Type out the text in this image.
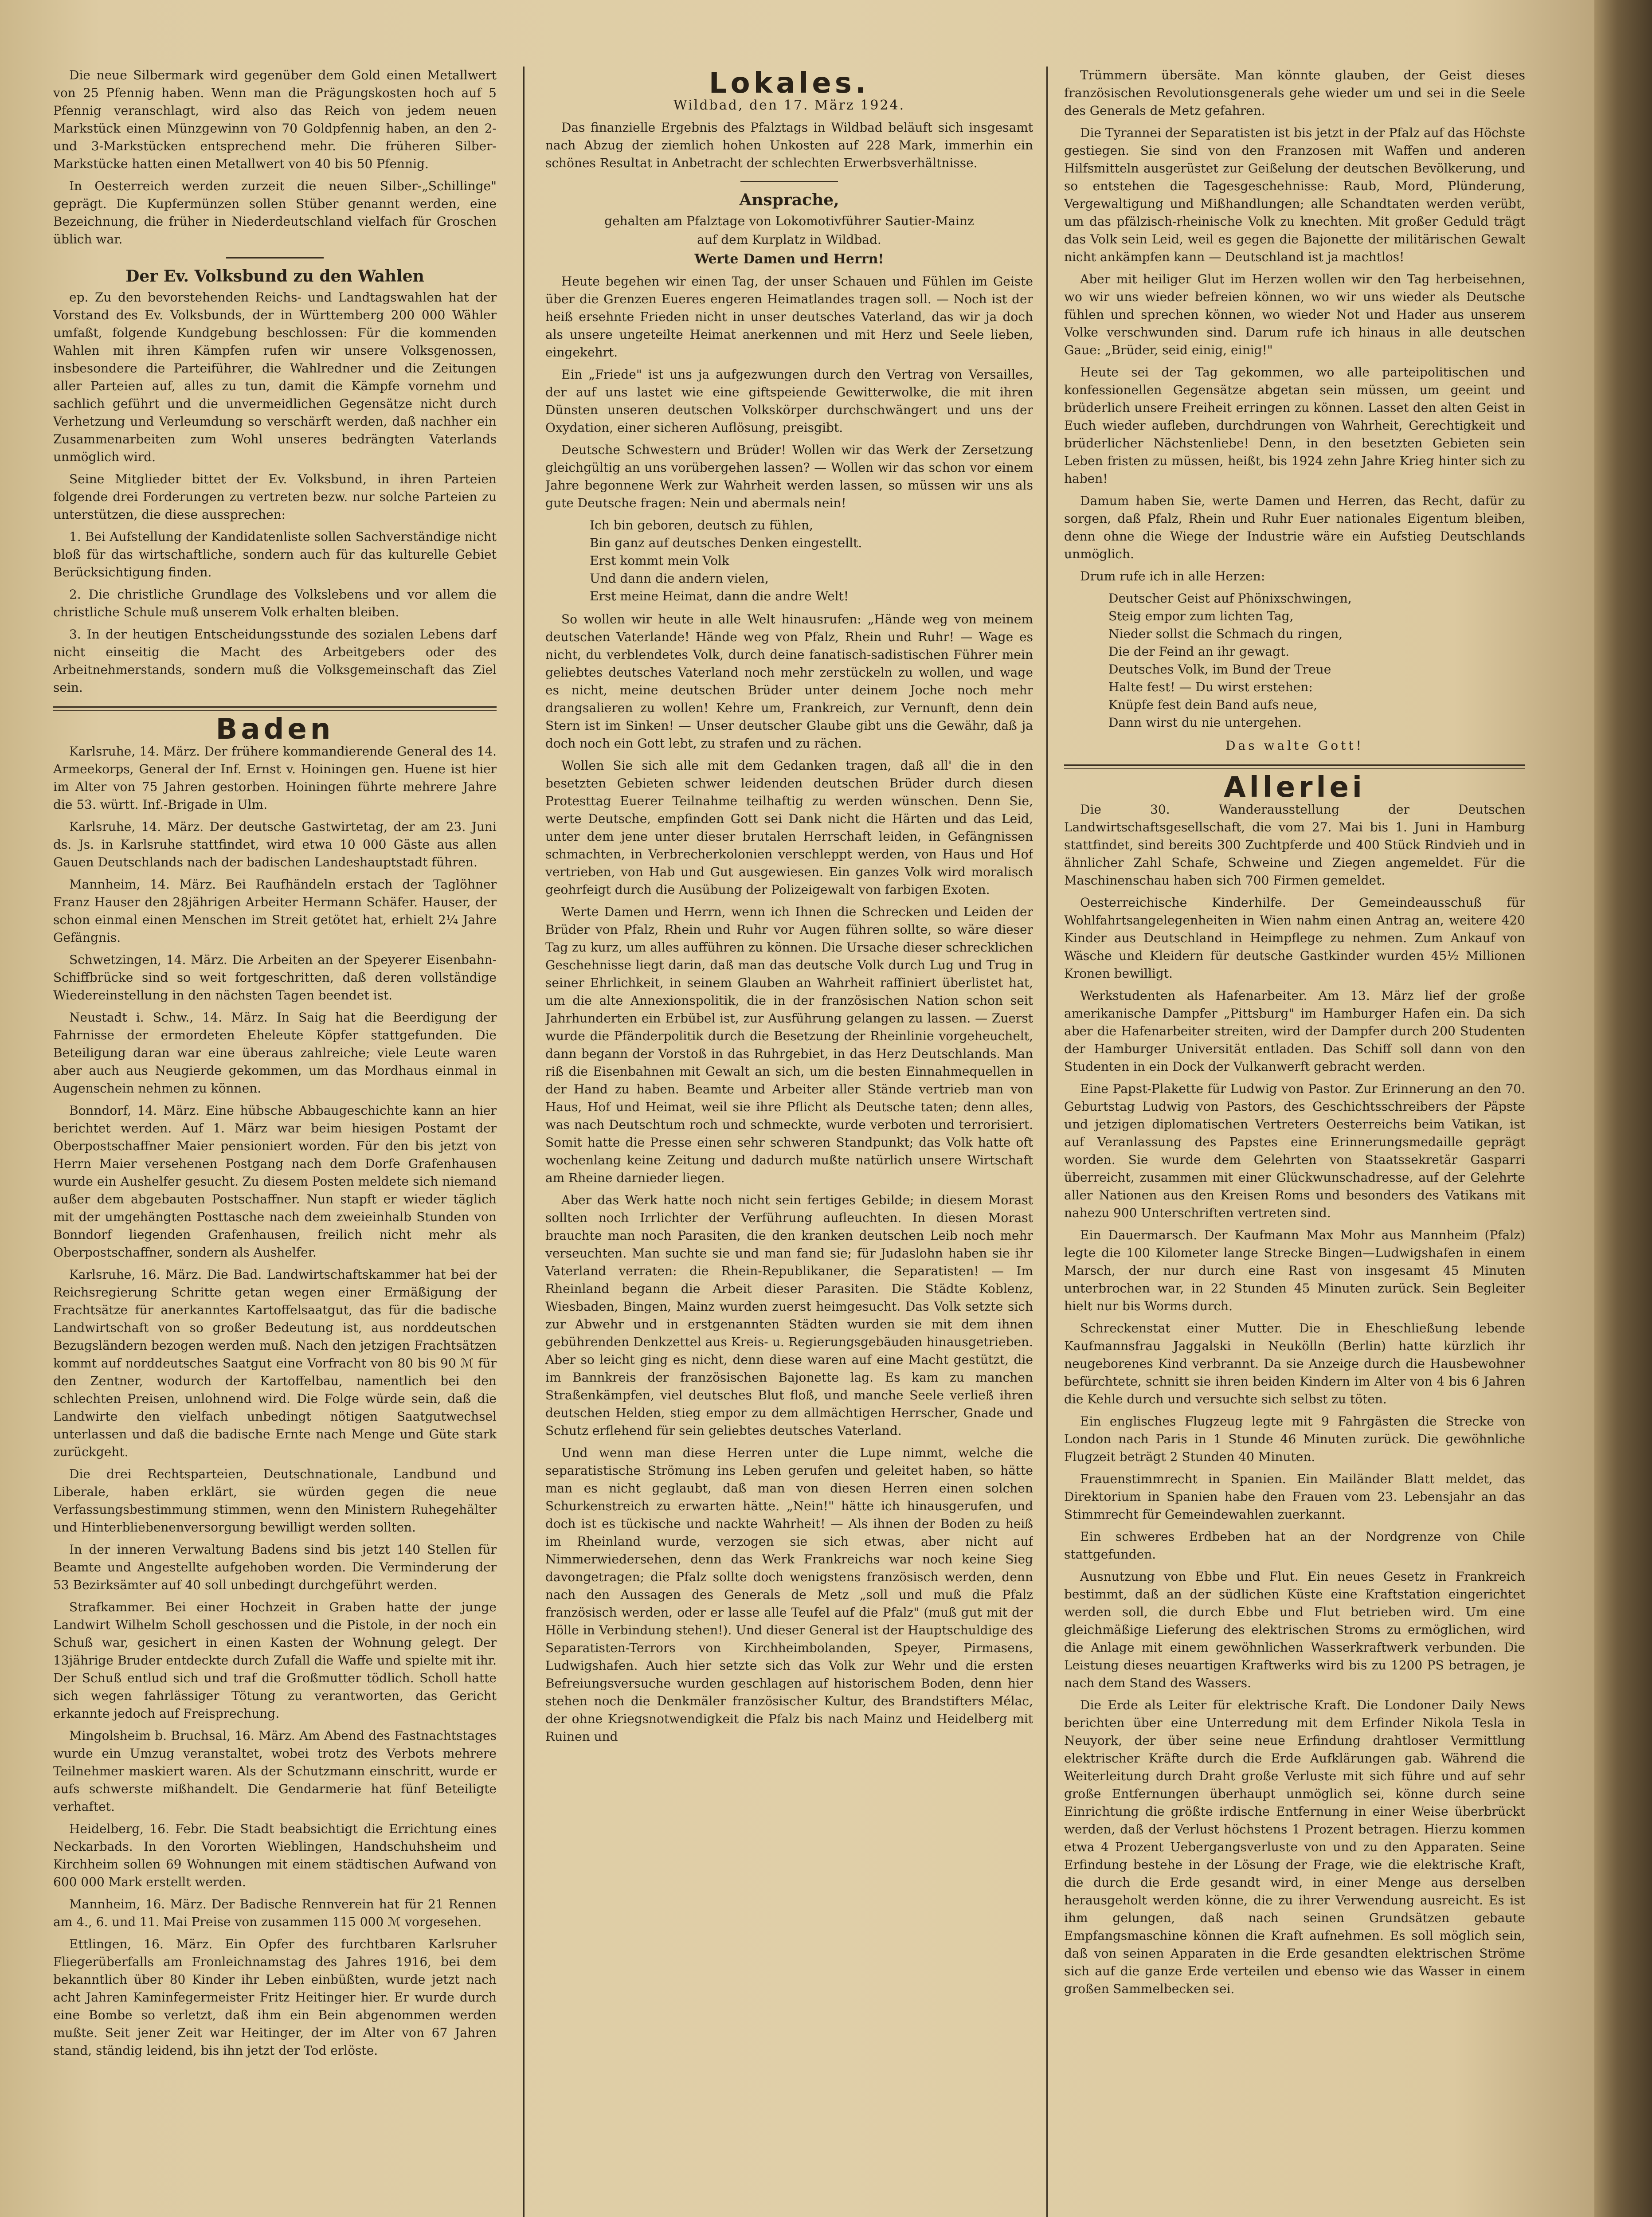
Die neue Silbermark wird gegenüber dem Gold einen Metallwert von 25 Pfennig haben. Wenn man die Prägungskosten hoch auf 5 Pfennig veranschlagt, wird also das Reich von jedem neuen Markstück einen Münzgewinn von 70 Goldpfennig haben, an den 2- und 3-Markstücken entsprechend mehr. Die früheren Silber-Markstücke hatten einen Metallwert von 40 bis 50 Pfennig.

In Oesterreich werden zurzeit die neuen Silber-„Schillinge" geprägt. Die Kupfermünzen sollen Stüber genannt werden, eine Bezeichnung, die früher in Niederdeutschland vielfach für Groschen üblich war.

Der Ev. Volksbund zu den Wahlen

ep. Zu den bevorstehenden Reichs- und Landtagswahlen hat der Vorstand des Ev. Volksbunds, der in Württemberg 200 000 Wähler umfaßt, folgende Kundgebung beschlossen: Für die kommenden Wahlen mit ihren Kämpfen rufen wir unsere Volksgenossen, insbesondere die Parteiführer, die Wahlredner und die Zeitungen aller Parteien auf, alles zu tun, damit die Kämpfe vornehm und sachlich geführt und die unvermeidlichen Gegensätze nicht durch Verhetzung und Verleumdung so verschärft werden, daß nachher ein Zusammenarbeiten zum Wohl unseres bedrängten Vaterlands unmöglich wird.

Seine Mitglieder bittet der Ev. Volksbund, in ihren Parteien folgende drei Forderungen zu vertreten bezw. nur solche Parteien zu unterstützen, die diese aussprechen:

1. Bei Aufstellung der Kandidatenliste sollen Sachverständige nicht bloß für das wirtschaftliche, sondern auch für das kulturelle Gebiet Berücksichtigung finden.

2. Die christliche Grundlage des Volkslebens und vor allem die christliche Schule muß unserem Volk erhalten bleiben.

3. In der heutigen Entscheidungsstunde des sozialen Lebens darf nicht einseitig die Macht des Arbeitgebers oder des Arbeitnehmerstands, sondern muß die Volksgemeinschaft das Ziel sein.

Baden

Karlsruhe, 14. März. Der frühere kommandierende General des 14. Armeekorps, General der Inf. Ernst v. Hoiningen gen. Huene ist hier im Alter von 75 Jahren gestorben. Hoiningen führte mehrere Jahre die 53. württ. Inf.-Brigade in Ulm.

Karlsruhe, 14. März. Der deutsche Gastwirtetag, der am 23. Juni ds. Js. in Karlsruhe stattfindet, wird etwa 10 000 Gäste aus allen Gauen Deutschlands nach der badischen Landeshauptstadt führen.

Mannheim, 14. März. Bei Raufhändeln erstach der Taglöhner Franz Hauser den 28jährigen Arbeiter Hermann Schäfer. Hauser, der schon einmal einen Menschen im Streit getötet hat, erhielt 2¼ Jahre Gefängnis.

Schwetzingen, 14. März. Die Arbeiten an der Speyerer Eisenbahn-Schiffbrücke sind so weit fortgeschritten, daß deren vollständige Wiedereinstellung in den nächsten Tagen beendet ist.

Neustadt i. Schw., 14. März. In Saig hat die Beerdigung der Fahrnisse der ermordeten Eheleute Köpfer stattgefunden. Die Beteiligung daran war eine überaus zahlreiche; viele Leute waren aber auch aus Neugierde gekommen, um das Mordhaus einmal in Augenschein nehmen zu können.

Bonndorf, 14. März. Eine hübsche Abbaugeschichte kann an hier berichtet werden. Auf 1. März war beim hiesigen Postamt der Oberpostschaffner Maier pensioniert worden. Für den bis jetzt von Herrn Maier versehenen Postgang nach dem Dorfe Grafenhausen wurde ein Aushelfer gesucht. Zu diesem Posten meldete sich niemand außer dem abgebauten Postschaffner. Nun stapft er wieder täglich mit der umgehängten Posttasche nach dem zweieinhalb Stunden von Bonndorf liegenden Grafenhausen, freilich nicht mehr als Oberpostschaffner, sondern als Aushelfer.

Karlsruhe, 16. März. Die Bad. Landwirtschaftskammer hat bei der Reichsregierung Schritte getan wegen einer Ermäßigung der Frachtsätze für anerkanntes Kartoffelsaatgut, das für die badische Landwirtschaft von so großer Bedeutung ist, aus norddeutschen Bezugsländern bezogen werden muß. Nach den jetzigen Frachtsätzen kommt auf norddeutsches Saatgut eine Vorfracht von 80 bis 90 ℳ für den Zentner, wodurch der Kartoffelbau, namentlich bei den schlechten Preisen, unlohnend wird. Die Folge würde sein, daß die Landwirte den vielfach unbedingt nötigen Saatgutwechsel unterlassen und daß die badische Ernte nach Menge und Güte stark zurückgeht.

Die drei Rechtsparteien, Deutschnationale, Landbund und Liberale, haben erklärt, sie würden gegen die neue Verfassungsbestimmung stimmen, wenn den Ministern Ruhegehälter und Hinterbliebenenversorgung bewilligt werden sollten.

In der inneren Verwaltung Badens sind bis jetzt 140 Stellen für Beamte und Angestellte aufgehoben worden. Die Verminderung der 53 Bezirksämter auf 40 soll unbedingt durchgeführt werden.

Strafkammer. Bei einer Hochzeit in Graben hatte der junge Landwirt Wilhelm Scholl geschossen und die Pistole, in der noch ein Schuß war, gesichert in einen Kasten der Wohnung gelegt. Der 13jährige Bruder entdeckte durch Zufall die Waffe und spielte mit ihr. Der Schuß entlud sich und traf die Großmutter tödlich. Scholl hatte sich wegen fahrlässiger Tötung zu verantworten, das Gericht erkannte jedoch auf Freisprechung.

Mingolsheim b. Bruchsal, 16. März. Am Abend des Fastnachtstages wurde ein Umzug veranstaltet, wobei trotz des Verbots mehrere Teilnehmer maskiert waren. Als der Schutzmann einschritt, wurde er aufs schwerste mißhandelt. Die Gendarmerie hat fünf Beteiligte verhaftet.

Heidelberg, 16. Febr. Die Stadt beabsichtigt die Errichtung eines Neckarbads. In den Vororten Wieblingen, Handschuhsheim und Kirchheim sollen 69 Wohnungen mit einem städtischen Aufwand von 600 000 Mark erstellt werden.

Mannheim, 16. März. Der Badische Rennverein hat für 21 Rennen am 4., 6. und 11. Mai Preise von zusammen 115 000 ℳ vorgesehen.

Ettlingen, 16. März. Ein Opfer des furchtbaren Karlsruher Fliegerüberfalls am Fronleichnamstag des Jahres 1916, bei dem bekanntlich über 80 Kinder ihr Leben einbüßten, wurde jetzt nach acht Jahren Kaminfegermeister Fritz Heitinger hier. Er wurde durch eine Bombe so verletzt, daß ihm ein Bein abgenommen werden mußte. Seit jener Zeit war Heitinger, der im Alter von 67 Jahren stand, ständig leidend, bis ihn jetzt der Tod erlöste.

Lokales.
Wildbad, den 17. März 1924.

Das finanzielle Ergebnis des Pfalztags in Wildbad beläuft sich insgesamt nach Abzug der ziemlich hohen Unkosten auf 228 Mark, immerhin ein schönes Resultat in Anbetracht der schlechten Erwerbsverhältnisse.

Ansprache,
gehalten am Pfalztage von Lokomotivführer Sautier-Mainz
auf dem Kurplatz in Wildbad.
Werte Damen und Herrn!

Heute begehen wir einen Tag, der unser Schauen und Fühlen im Geiste über die Grenzen Eueres engeren Heimatlandes tragen soll. — Noch ist der heiß ersehnte Frieden nicht in unser deutsches Vaterland, das wir ja doch als unsere ungeteilte Heimat anerkennen und mit Herz und Seele lieben, eingekehrt.

Ein „Friede" ist uns ja aufgezwungen durch den Vertrag von Versailles, der auf uns lastet wie eine giftspeiende Gewitterwolke, die mit ihren Dünsten unseren deutschen Volkskörper durchschwängert und uns der Oxydation, einer sicheren Auflösung, preisgibt.

Deutsche Schwestern und Brüder! Wollen wir das Werk der Zersetzung gleichgültig an uns vorübergehen lassen? — Wollen wir das schon vor einem Jahre begonnene Werk zur Wahrheit werden lassen, so müssen wir uns als gute Deutsche fragen: Nein und abermals nein!

Ich bin geboren, deutsch zu fühlen,
Bin ganz auf deutsches Denken eingestellt.
Erst kommt mein Volk
Und dann die andern vielen,
Erst meine Heimat, dann die andre Welt!

So wollen wir heute in alle Welt hinausrufen: „Hände weg von meinem deutschen Vaterlande! Hände weg von Pfalz, Rhein und Ruhr! — Wage es nicht, du verblendetes Volk, durch deine fanatisch-sadistischen Führer mein geliebtes deutsches Vaterland noch mehr zerstückeln zu wollen, und wage es nicht, meine deutschen Brüder unter deinem Joche noch mehr drangsalieren zu wollen! Kehre um, Frankreich, zur Vernunft, denn dein Stern ist im Sinken! — Unser deutscher Glaube gibt uns die Gewähr, daß ja doch noch ein Gott lebt, zu strafen und zu rächen.

Wollen Sie sich alle mit dem Gedanken tragen, daß all' die in den besetzten Gebieten schwer leidenden deutschen Brüder durch diesen Protesttag Euerer Teilnahme teilhaftig zu werden wünschen. Denn Sie, werte Deutsche, empfinden Gott sei Dank nicht die Härten und das Leid, unter dem jene unter dieser brutalen Herrschaft leiden, in Gefängnissen schmachten, in Verbrecherkolonien verschleppt werden, von Haus und Hof vertrieben, von Hab und Gut ausgewiesen. Ein ganzes Volk wird moralisch geohrfeigt durch die Ausübung der Polizeigewalt von farbigen Exoten.

Werte Damen und Herrn, wenn ich Ihnen die Schrecken und Leiden der Brüder von Pfalz, Rhein und Ruhr vor Augen führen sollte, so wäre dieser Tag zu kurz, um alles aufführen zu können. Die Ursache dieser schrecklichen Geschehnisse liegt darin, daß man das deutsche Volk durch Lug und Trug in seiner Ehrlichkeit, in seinem Glauben an Wahrheit raffiniert überlistet hat, um die alte Annexionspolitik, die in der französischen Nation schon seit Jahrhunderten ein Erbübel ist, zur Ausführung gelangen zu lassen. — Zuerst wurde die Pfänderpolitik durch die Besetzung der Rheinlinie vorgeheuchelt, dann begann der Vorstoß in das Ruhrgebiet, in das Herz Deutschlands. Man riß die Eisenbahnen mit Gewalt an sich, um die besten Einnahmequellen in der Hand zu haben. Beamte und Arbeiter aller Stände vertrieb man von Haus, Hof und Heimat, weil sie ihre Pflicht als Deutsche taten; denn alles, was nach Deutschtum roch und schmeckte, wurde verboten und terrorisiert. Somit hatte die Presse einen sehr schweren Standpunkt; das Volk hatte oft wochenlang keine Zeitung und dadurch mußte natürlich unsere Wirtschaft am Rheine darnieder liegen.

Aber das Werk hatte noch nicht sein fertiges Gebilde; in diesem Morast sollten noch Irrlichter der Verführung aufleuchten. In diesen Morast brauchte man noch Parasiten, die den kranken deutschen Leib noch mehr verseuchten. Man suchte sie und man fand sie; für Judaslohn haben sie ihr Vaterland verraten: die Rhein-Republikaner, die Separatisten! — Im Rheinland begann die Arbeit dieser Parasiten. Die Städte Koblenz, Wiesbaden, Bingen, Mainz wurden zuerst heimgesucht. Das Volk setzte sich zur Abwehr und in erstgenannten Städten wurden sie mit dem ihnen gebührenden Denkzettel aus Kreis- u. Regierungsgebäuden hinausgetrieben. Aber so leicht ging es nicht, denn diese waren auf eine Macht gestützt, die im Bannkreis der französischen Bajonette lag. Es kam zu manchen Straßenkämpfen, viel deutsches Blut floß, und manche Seele verließ ihren deutschen Helden, stieg empor zu dem allmächtigen Herrscher, Gnade und Schutz erflehend für sein geliebtes deutsches Vaterland.

Und wenn man diese Herren unter die Lupe nimmt, welche die separatistische Strömung ins Leben gerufen und geleitet haben, so hätte man es nicht geglaubt, daß man von diesen Herren einen solchen Schurkenstreich zu erwarten hätte. „Nein!" hätte ich hinausgerufen, und doch ist es tückische und nackte Wahrheit! — Als ihnen der Boden zu heiß im Rheinland wurde, verzogen sie sich etwas, aber nicht auf Nimmerwiedersehen, denn das Werk Frankreichs war noch keine Sieg davongetragen; die Pfalz sollte doch wenigstens französisch werden, denn nach den Aussagen des Generals de Metz „soll und muß die Pfalz französisch werden, oder er lasse alle Teufel auf die Pfalz" (muß gut mit der Hölle in Verbindung stehen!). Und dieser General ist der Hauptschuldige des Separatisten-Terrors von Kirchheimbolanden, Speyer, Pirmasens, Ludwigshafen. Auch hier setzte sich das Volk zur Wehr und die ersten Befreiungsversuche wurden geschlagen auf historischem Boden, denn hier stehen noch die Denkmäler französischer Kultur, des Brandstifters Mélac, der ohne Kriegsnotwendigkeit die Pfalz bis nach Mainz und Heidelberg mit Ruinen und

Trümmern übersäte. Man könnte glauben, der Geist dieses französischen Revolutionsgenerals gehe wieder um und sei in die Seele des Generals de Metz gefahren.

Die Tyrannei der Separatisten ist bis jetzt in der Pfalz auf das Höchste gestiegen. Sie sind von den Franzosen mit Waffen und anderen Hilfsmitteln ausgerüstet zur Geißelung der deutschen Bevölkerung, und so entstehen die Tagesgeschehnisse: Raub, Mord, Plünderung, Vergewaltigung und Mißhandlungen; alle Schandtaten werden verübt, um das pfälzisch-rheinische Volk zu knechten. Mit großer Geduld trägt das Volk sein Leid, weil es gegen die Bajonette der militärischen Gewalt nicht ankämpfen kann — Deutschland ist ja machtlos!

Aber mit heiliger Glut im Herzen wollen wir den Tag herbeisehnen, wo wir uns wieder befreien können, wo wir uns wieder als Deutsche fühlen und sprechen können, wo wieder Not und Hader aus unserem Volke verschwunden sind. Darum rufe ich hinaus in alle deutschen Gaue: „Brüder, seid einig, einig!"

Heute sei der Tag gekommen, wo alle parteipolitischen und konfessionellen Gegensätze abgetan sein müssen, um geeint und brüderlich unsere Freiheit erringen zu können. Lasset den alten Geist in Euch wieder aufleben, durchdrungen von Wahrheit, Gerechtigkeit und brüderlicher Nächstenliebe! Denn, in den besetzten Gebieten sein Leben fristen zu müssen, heißt, bis 1924 zehn Jahre Krieg hinter sich zu haben!

Damum haben Sie, werte Damen und Herren, das Recht, dafür zu sorgen, daß Pfalz, Rhein und Ruhr Euer nationales Eigentum bleiben, denn ohne die Wiege der Industrie wäre ein Aufstieg Deutschlands unmöglich.

Drum rufe ich in alle Herzen:

Deutscher Geist auf Phönixschwingen,
Steig empor zum lichten Tag,
Nieder sollst die Schmach du ringen,
Die der Feind an ihr gewagt.
Deutsches Volk, im Bund der Treue
Halte fest! — Du wirst erstehen:
Knüpfe fest dein Band aufs neue,
Dann wirst du nie untergehen.
Das walte Gott!
Allerlei

Die 30. Wanderausstellung der Deutschen Landwirtschaftsgesellschaft, die vom 27. Mai bis 1. Juni in Hamburg stattfindet, sind bereits 300 Zuchtpferde und 400 Stück Rindvieh und in ähnlicher Zahl Schafe, Schweine und Ziegen angemeldet. Für die Maschinenschau haben sich 700 Firmen gemeldet.

Oesterreichische Kinderhilfe. Der Gemeindeausschuß für Wohlfahrtsangelegenheiten in Wien nahm einen Antrag an, weitere 420 Kinder aus Deutschland in Heimpflege zu nehmen. Zum Ankauf von Wäsche und Kleidern für deutsche Gastkinder wurden 45½ Millionen Kronen bewilligt.

Werkstudenten als Hafenarbeiter. Am 13. März lief der große amerikanische Dampfer „Pittsburg" im Hamburger Hafen ein. Da sich aber die Hafenarbeiter streiten, wird der Dampfer durch 200 Studenten der Hamburger Universität entladen. Das Schiff soll dann von den Studenten in ein Dock der Vulkanwerft gebracht werden.

Eine Papst-Plakette für Ludwig von Pastor. Zur Erinnerung an den 70. Geburtstag Ludwig von Pastors, des Geschichtsschreibers der Päpste und jetzigen diplomatischen Vertreters Oesterreichs beim Vatikan, ist auf Veranlassung des Papstes eine Erinnerungsmedaille geprägt worden. Sie wurde dem Gelehrten von Staatssekretär Gasparri überreicht, zusammen mit einer Glückwunschadresse, auf der Gelehrte aller Nationen aus den Kreisen Roms und besonders des Vatikans mit nahezu 900 Unterschriften vertreten sind.

Ein Dauermarsch. Der Kaufmann Max Mohr aus Mannheim (Pfalz) legte die 100 Kilometer lange Strecke Bingen—Ludwigshafen in einem Marsch, der nur durch eine Rast von insgesamt 45 Minuten unterbrochen war, in 22 Stunden 45 Minuten zurück. Sein Begleiter hielt nur bis Worms durch.

Schreckenstat einer Mutter. Die in Eheschließung lebende Kaufmannsfrau Jaggalski in Neukölln (Berlin) hatte kürzlich ihr neugeborenes Kind verbrannt. Da sie Anzeige durch die Hausbewohner befürchtete, schnitt sie ihren beiden Kindern im Alter von 4 bis 6 Jahren die Kehle durch und versuchte sich selbst zu töten.

Ein englisches Flugzeug legte mit 9 Fahrgästen die Strecke von London nach Paris in 1 Stunde 46 Minuten zurück. Die gewöhnliche Flugzeit beträgt 2 Stunden 40 Minuten.

Frauenstimmrecht in Spanien. Ein Mailänder Blatt meldet, das Direktorium in Spanien habe den Frauen vom 23. Lebensjahr an das Stimmrecht für Gemeindewahlen zuerkannt.

Ein schweres Erdbeben hat an der Nordgrenze von Chile stattgefunden.

Ausnutzung von Ebbe und Flut. Ein neues Gesetz in Frankreich bestimmt, daß an der südlichen Küste eine Kraftstation eingerichtet werden soll, die durch Ebbe und Flut betrieben wird. Um eine gleichmäßige Lieferung des elektrischen Stroms zu ermöglichen, wird die Anlage mit einem gewöhnlichen Wasserkraftwerk verbunden. Die Leistung dieses neuartigen Kraftwerks wird bis zu 1200 PS betragen, je nach dem Stand des Wassers.

Die Erde als Leiter für elektrische Kraft. Die Londoner Daily News berichten über eine Unterredung mit dem Erfinder Nikola Tesla in Neuyork, der über seine neue Erfindung drahtloser Vermittlung elektrischer Kräfte durch die Erde Aufklärungen gab. Während die Weiterleitung durch Draht große Verluste mit sich führe und auf sehr große Entfernungen überhaupt unmöglich sei, könne durch seine Einrichtung die größte irdische Entfernung in einer Weise überbrückt werden, daß der Verlust höchstens 1 Prozent betragen. Hierzu kommen etwa 4 Prozent Uebergangsverluste von und zu den Apparaten. Seine Erfindung bestehe in der Lösung der Frage, wie die elektrische Kraft, die durch die Erde gesandt wird, in einer Menge aus derselben herausgeholt werden könne, die zu ihrer Verwendung ausreicht. Es ist ihm gelungen, daß nach seinen Grundsätzen gebaute Empfangsmaschine können die Kraft aufnehmen. Es soll möglich sein, daß von seinen Apparaten in die Erde gesandten elektrischen Ströme sich auf die ganze Erde verteilen und ebenso wie das Wasser in einem großen Sammelbecken sei.
